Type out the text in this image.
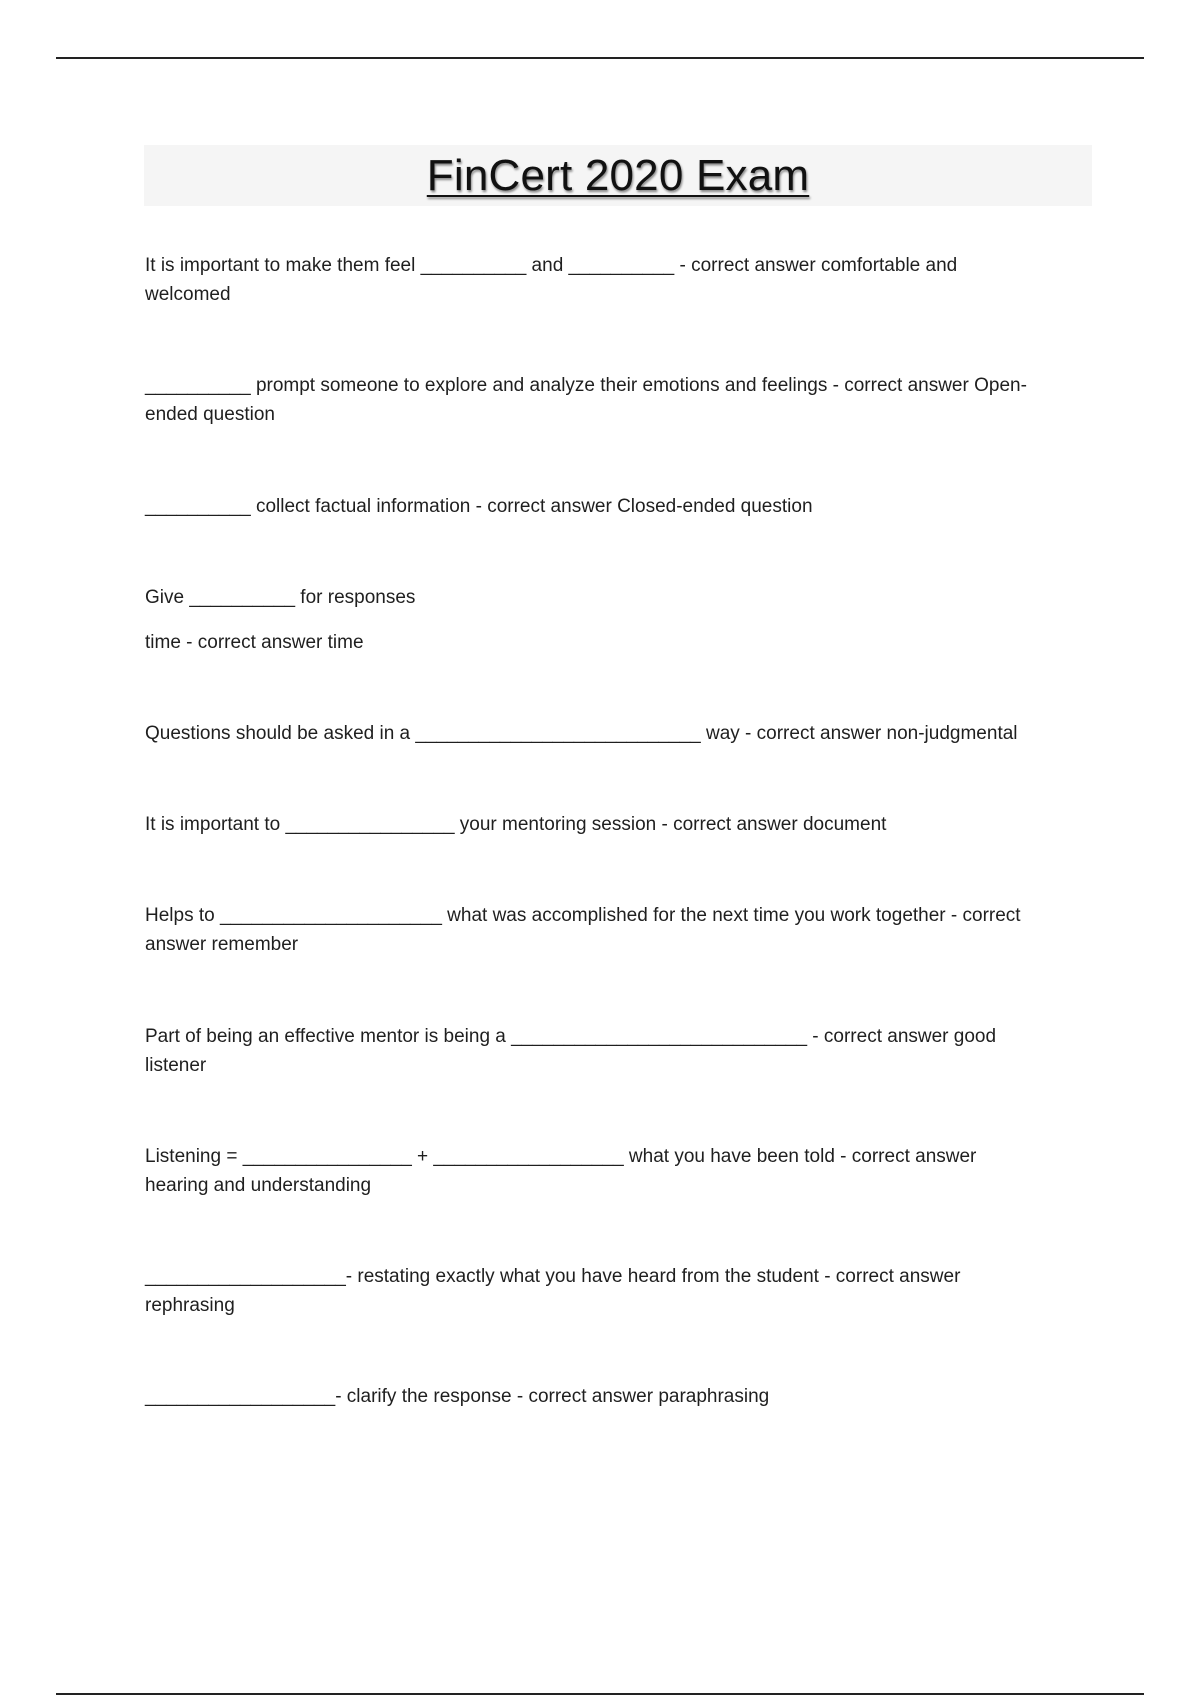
FinCert 2020 Exam

It is important to make them feel __________ and __________ - correct answer comfortable and
welcomed

__________ prompt someone to explore and analyze their emotions and feelings - correct answer Open-
ended question

__________ collect factual information - correct answer Closed-ended question

Give __________ for responses

time - correct answer time

Questions should be asked in a ___________________________ way - correct answer non-judgmental

It is important to ________________ your mentoring session - correct answer document

Helps to _____________________ what was accomplished for the next time you work together - correct
answer remember

Part of being an effective mentor is being a ____________________________ - correct answer good
listener

Listening = ________________ + __________________ what you have been told - correct answer
hearing and understanding

___________________- restating exactly what you have heard from the student - correct answer
rephrasing

__________________- clarify the response - correct answer paraphrasing
